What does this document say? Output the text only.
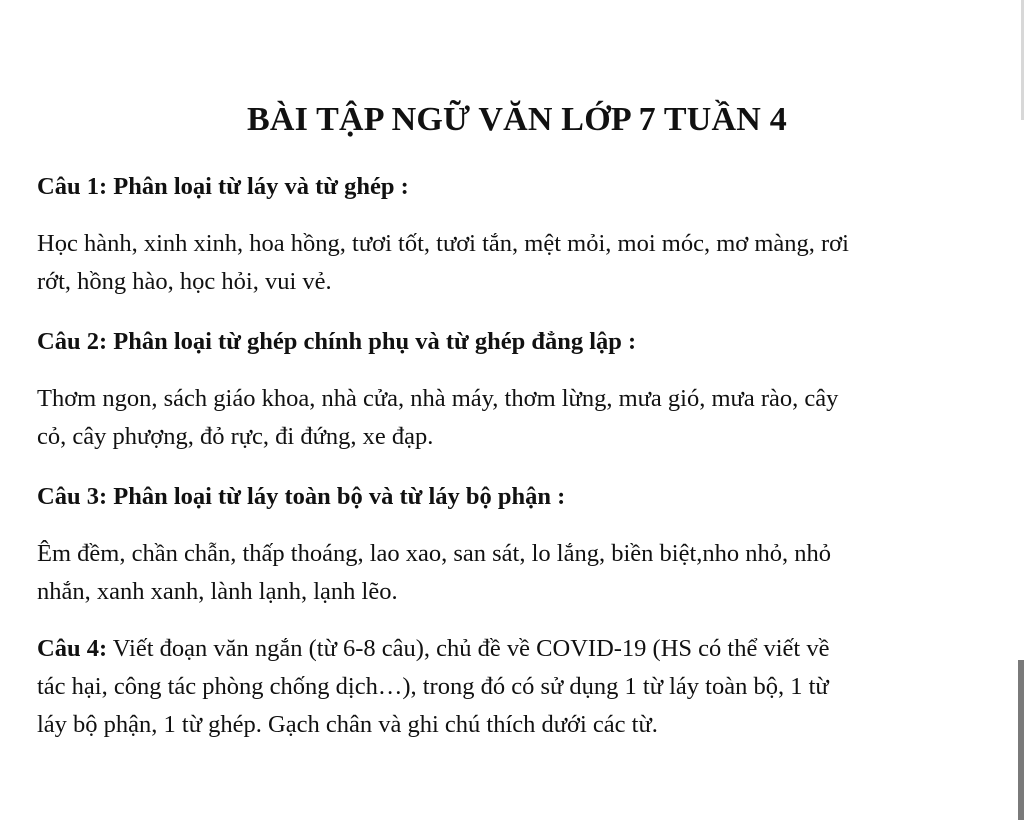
BÀI TẬP NGỮ VĂN LỚP 7 TUẦN 4
Câu 1: Phân loại từ láy và từ ghép :
Học hành, xinh xinh, hoa hồng, tươi tốt, tươi tắn, mệt mỏi, moi móc, mơ màng, rơi
rớt, hồng hào, học hỏi, vui vẻ.
Câu 2: Phân loại từ ghép chính phụ và từ ghép đẳng lập :
Thơm ngon, sách giáo khoa, nhà cửa, nhà máy, thơm lừng, mưa gió, mưa rào, cây
cỏ, cây phượng, đỏ rực, đi đứng, xe đạp.
Câu 3: Phân loại từ láy toàn bộ và từ láy bộ phận :
Êm đềm, chần chẫn, thấp thoáng, lao xao, san sát, lo lắng, biền biệt,nho nhỏ, nhỏ
nhắn, xanh xanh, lành lạnh, lạnh lẽo.
Câu 4: Viết đoạn văn ngắn (từ 6-8 câu), chủ đề về COVID-19 (HS có thể viết về
tác hại, công tác phòng chống dịch…), trong đó có sử dụng 1 từ láy toàn bộ, 1 từ
láy bộ phận, 1 từ ghép. Gạch chân và ghi chú thích dưới các từ.
